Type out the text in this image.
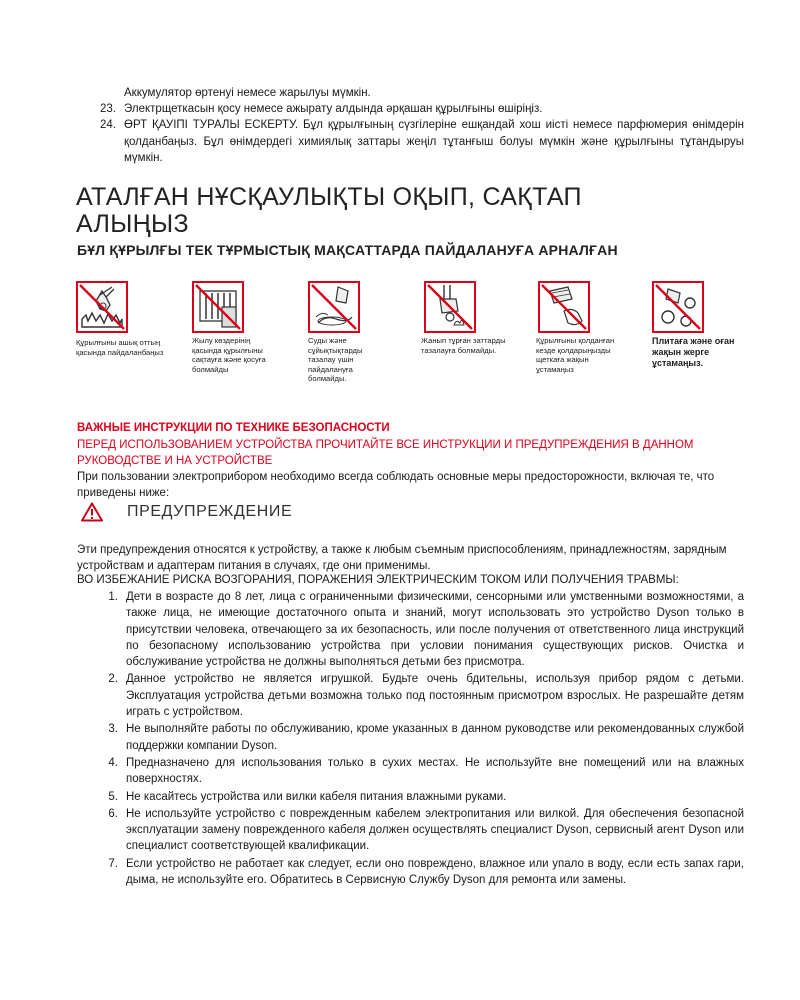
Аккумулятор өртенуі немесе жарылуы мүмкін.
23. Электрщеткасын қосу немесе ажырату алдында әрқашан құрылғыны өшіріңіз.
24. ӨРТ ҚАУІПІ ТУРАЛЫ ЕСКЕРТУ. Бұл құрылғының сүзгілеріне ешқандай хош иісті немесе парфюмерия өнімдерін қолданбаңыз. Бұл өнімдердегі химиялық заттары жеңіл тұтанғыш болуы мүмкін және құрылғыны тұтандыруы мүмкін.
АТАЛҒАН НҰСҚАУЛЫҚТЫ ОҚЫП, САҚТАП АЛЫҢЫЗ
БҰЛ ҚҰРЫЛҒЫ ТЕК ТҰРМЫСТЫҚ МАҚСАТТАРДА ПАЙДАЛАНУҒА АРНАЛҒАН
Құрылғыны ашық оттың қасында пайдаланбаңыз
Жылу көздерінің қасында құрылғыны сақтауға және қосуға болмайды
Суды және сұйықтықтарды тазалау үшін пайдалануға болмайды.
Жанып тұрған заттарды тазалауға болмайды.
Құрылғыны қолданған кезде қолдарыңызды щеткаға жақын ұстамаңыз
Плитаға және оған жақын жерге ұстамаңыз.

ВАЖНЫЕ ИНСТРУКЦИИ ПО ТЕХНИКЕ БЕЗОПАСНОСТИ

ПЕРЕД ИСПОЛЬЗОВАНИЕМ УСТРОЙСТВА ПРОЧИТАЙТЕ ВСЕ ИНСТРУКЦИИ И ПРЕДУПРЕЖДЕНИЯ В ДАННОМ РУКОВОДСТВЕ И НА УСТРОЙСТВЕ

При пользовании электроприбором необходимо всегда соблюдать основные меры предосторожности, включая те, что приведены ниже:

ПРЕДУПРЕЖДЕНИЕ

Эти предупреждения относятся к устройству, а также к любым съемным приспособлениям, принадлежностям, зарядным устройствам и адаптерам питания в случаях, где они применимы.

ВО ИЗБЕЖАНИЕ РИСКА ВОЗГОРАНИЯ, ПОРАЖЕНИЯ ЭЛЕКТРИЧЕСКИМ ТОКОМ ИЛИ ПОЛУЧЕНИЯ ТРАВМЫ:

1. Дети в возрасте до 8 лет, лица с ограниченными физическими, сенсорными или умственными возможностями, а также лица, не имеющие достаточного опыта и знаний, могут использовать это устройство Dyson только в присутствии человека, отвечающего за их безопасность, или после получения от ответственного лица инструкций по безопасному использованию устройства при условии понимания существующих рисков. Очистка и обслуживание устройства не должны выполняться детьми без присмотра.
2. Данное устройство не является игрушкой. Будьте очень бдительны, используя прибор рядом с детьми. Эксплуатация устройства детьми возможна только под постоянным присмотром взрослых. Не разрешайте детям играть с устройством.
3. Не выполняйте работы по обслуживанию, кроме указанных в данном руководстве или рекомендованных службой поддержки компании Dyson.
4. Предназначено для использования только в сухих местах. Не используйте вне помещений или на влажных поверхностях.
5. Не касайтесь устройства или вилки кабеля питания влажными руками.
6. Не используйте устройство с поврежденным кабелем электропитания или вилкой. Для обеспечения безопасной эксплуатации замену поврежденного кабеля должен осуществлять специалист Dyson, сервисный агент Dyson или специалист соответствующей квалификации.
7. Если устройство не работает как следует, если оно повреждено, влажное или упало в воду, если есть запах гари, дыма, не используйте его. Обратитесь в Сервисную Службу Dyson для ремонта или замены.
